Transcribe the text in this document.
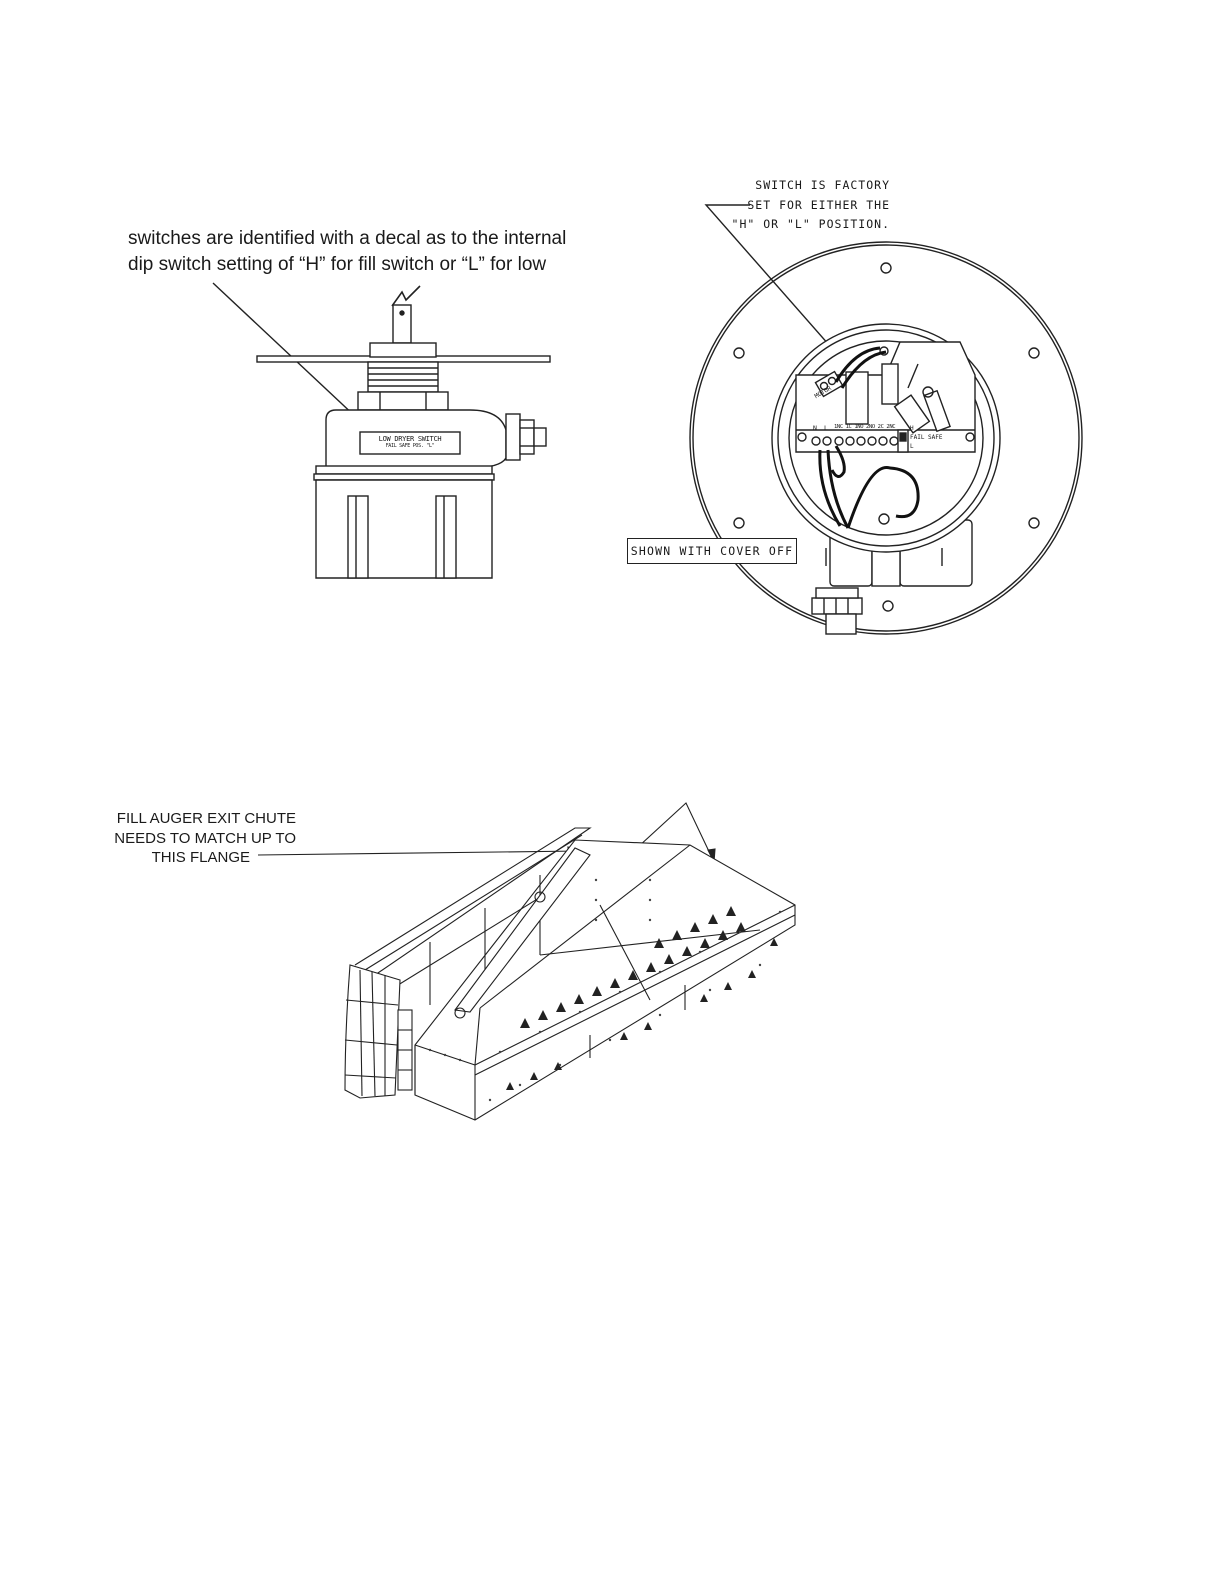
switches are identified with a decal as to the internal
dip switch setting of “H” for fill switch or “L” for low
LOW DRYER SWITCH
FAIL SAFE POS. "L"
SWITCH IS FACTORY
SET FOR EITHER THE
"H" OR "L" POSITION.
MOTOR
N L 1NC 1C 1NO 2NO 2C 2NC H
FAIL SAFE
L
SHOWN WITH COVER OFF
FILL AUGER EXIT CHUTE
NEEDS TO MATCH UP TO
THIS FLANGE
